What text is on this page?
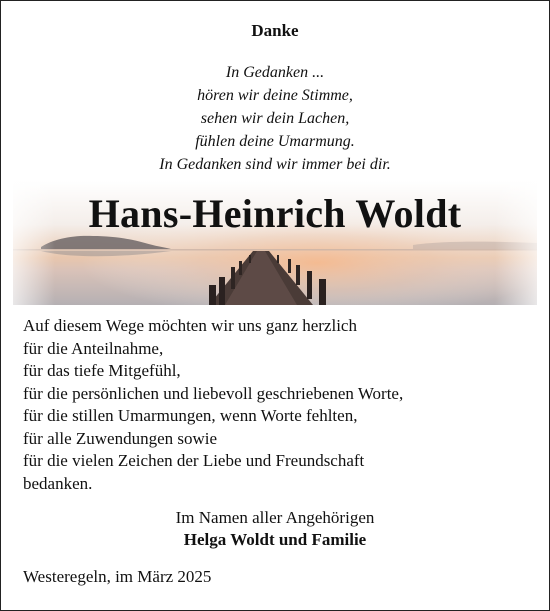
Danke
In Gedanken ...
hören wir deine Stimme,
sehen wir dein Lachen,
fühlen deine Umarmung.
In Gedanken sind wir immer bei dir.
Hans-Heinrich Woldt
Auf diesem Wege möchten wir uns ganz herzlich
für die Anteilnahme,
für das tiefe Mitgefühl,
für die persönlichen und liebevoll geschriebenen Worte,
für die stillen Umarmungen, wenn Worte fehlten,
für alle Zuwendungen sowie
für die vielen Zeichen der Liebe und Freundschaft
bedanken.
Im Namen aller Angehörigen
Helga Woldt und Familie
Westeregeln, im März 2025
